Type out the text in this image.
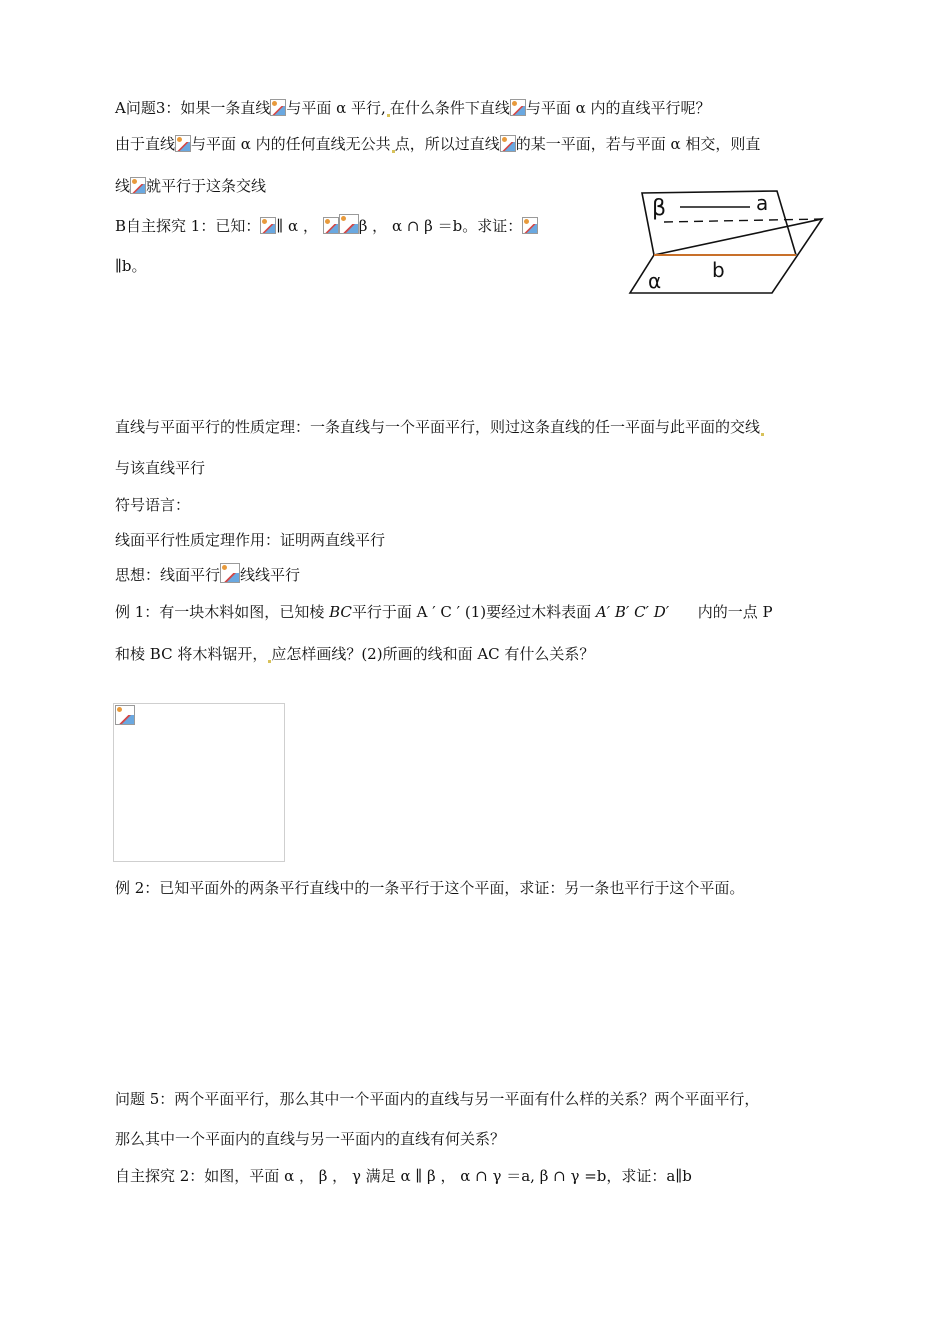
A问题3：如果一条直线 与平面 α 平行, 在什么条件下直线 与平面 α 内的直线平行呢？
由于直线 与平面 α 内的任何直线无公共 点，所以过直线 的某一平面，若与平面 α 相交，则直
线 就平行于这条交线
B自主探究 1：已知： ∥ α ，	β ， α ∩ β ＝b。求证：
∥b。
β	a
b
α
直线与平面平行的性质定理：一条直线与一个平面平行，则过这条直线的任一平面与此平面的交线
与该直线平行
符号语言：
线面平行性质定理作用：证明两直线平行
思想：线面平行 线线平行
例 1：有一块木料如图，已知棱 BC平行于面 A ′ C ′ (1)要经过木料表面 A′ B′ C′ D′ 内的一点 P
和棱 BC 将木料锯开， 应怎样画线？(2)所画的线和面 AC 有什么关系？
例 2：已知平面外的两条平行直线中的一条平行于这个平面，求证：另一条也平行于这个平面。
问题 5：两个平面平行，那么其中一个平面内的直线与另一平面有什么样的关系？两个平面平行，
那么其中一个平面内的直线与另一平面内的直线有何关系？
自主探究 2：如图，平面 α ， β ， γ 满足 α ∥ β ， α ∩ γ ＝a, β ∩ γ =b，求证：a∥b
